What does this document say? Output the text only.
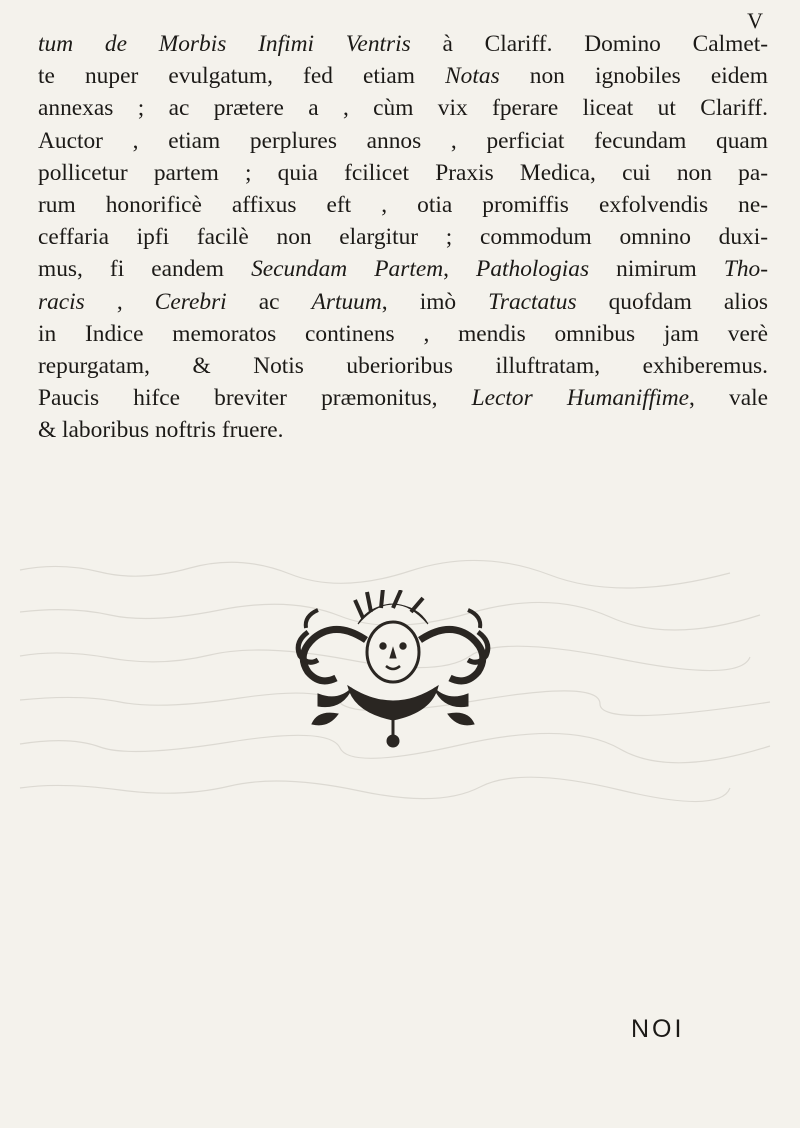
V
tum de Morbis Infimi Ventris à Clariff. Domino Calmet-
te nuper evulgatum, fed etiam Notas non ignobiles eidem
annexas ; ac prætere a , cùm vix fperare liceat ut Clariff.
Auctor , etiam perplures annos , perficiat fecundam quam
pollicetur partem ; quia fcilicet Praxis Medica, cui non pa-
rum honorificè affixus eft , otia promiffis exfolvendis ne-
ceffaria ipfi facilè non elargitur ; commodum omnino duxi-
mus, fi eandem Secundam Partem, Pathologias nimirum Tho-
racis , Cerebri ac Artuum, imò Tractatus quofdam alios
in Indice memoratos continens , mendis omnibus jam verè
repurgatam, & Notis uberioribus illuftratam, exhiberemus.
Paucis hifce breviter præmonitus, Lector Humaniffime, vale
& laboribus noftris fruere.
NOI
